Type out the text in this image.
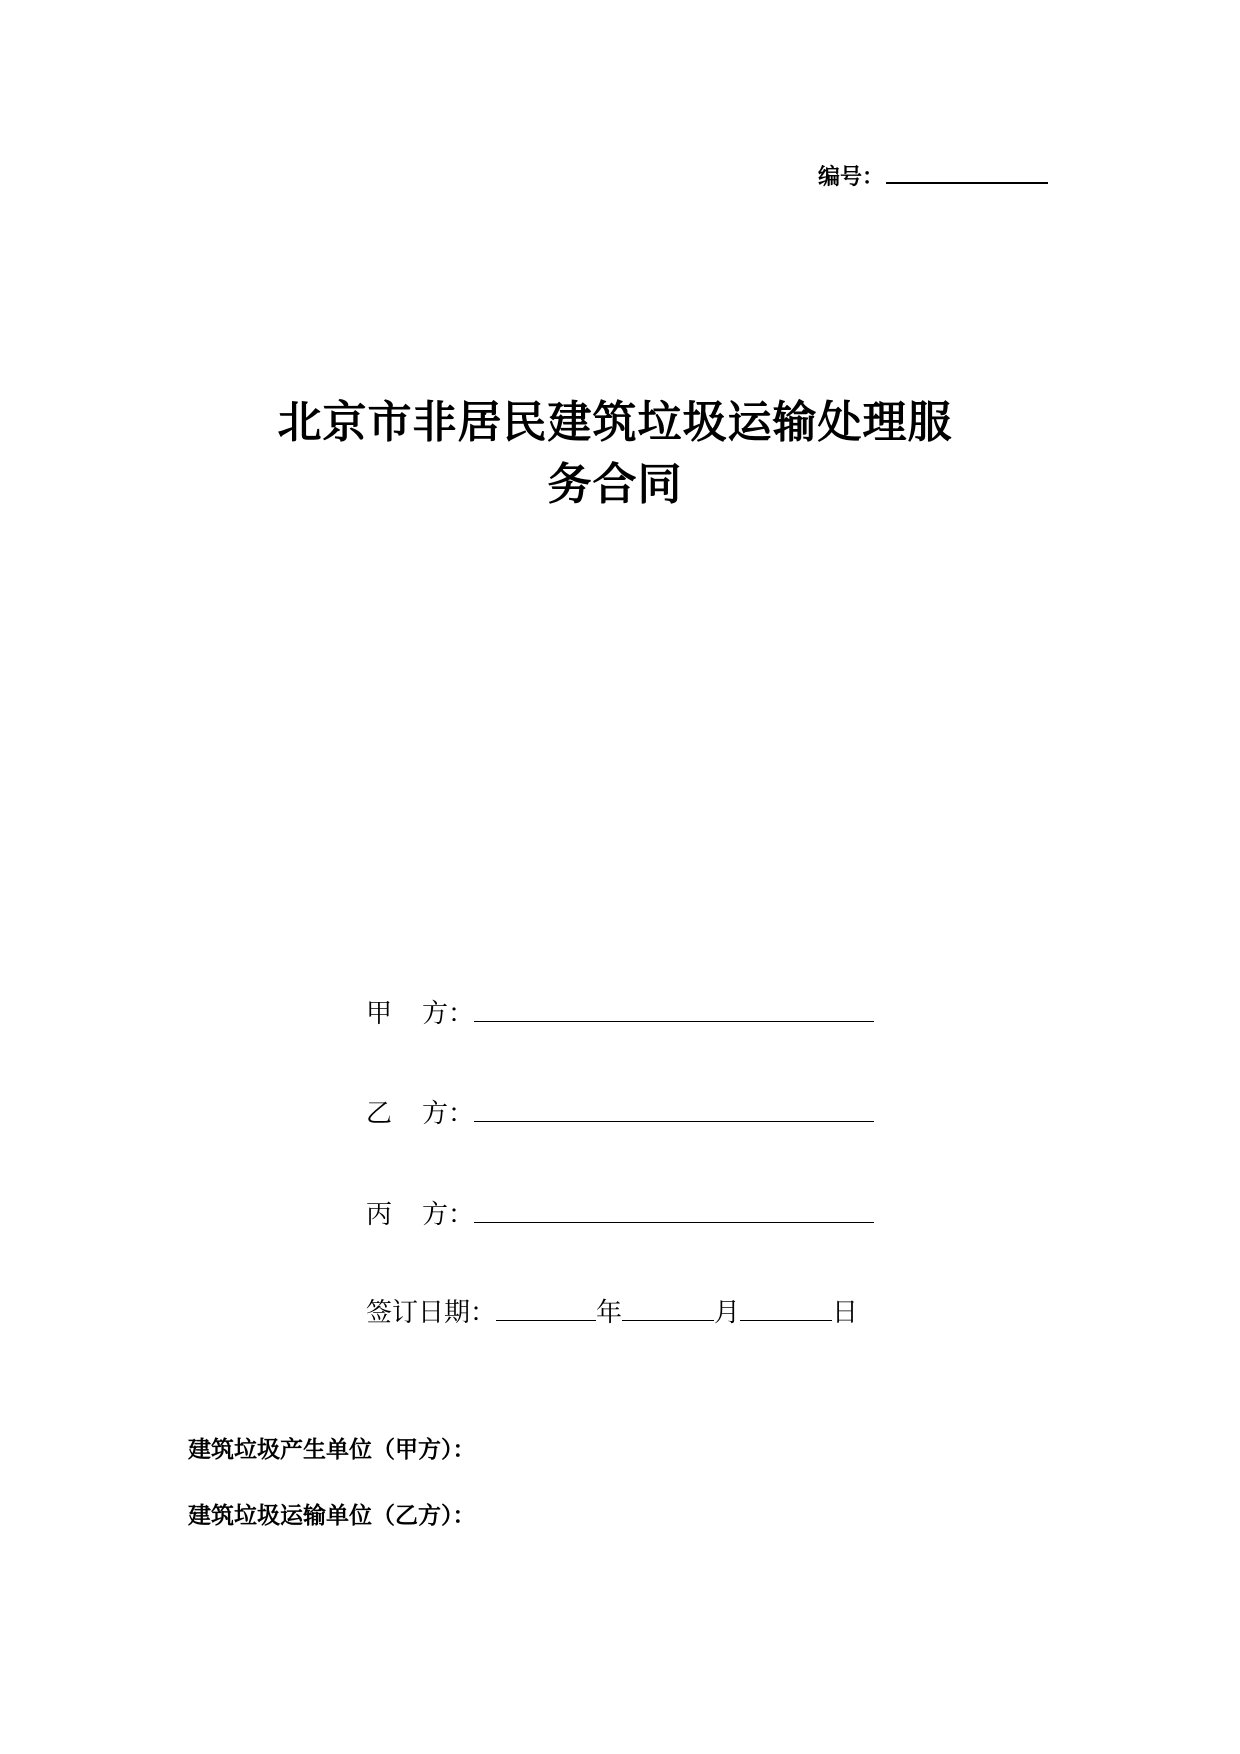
编号：
北京市非居民建筑垃圾运输处理服
务合同
甲 方：
乙 方：
丙 方：
签订日期：	年	月	日
建筑垃圾产生单位（甲方）：
建筑垃圾运输单位（乙方）：
